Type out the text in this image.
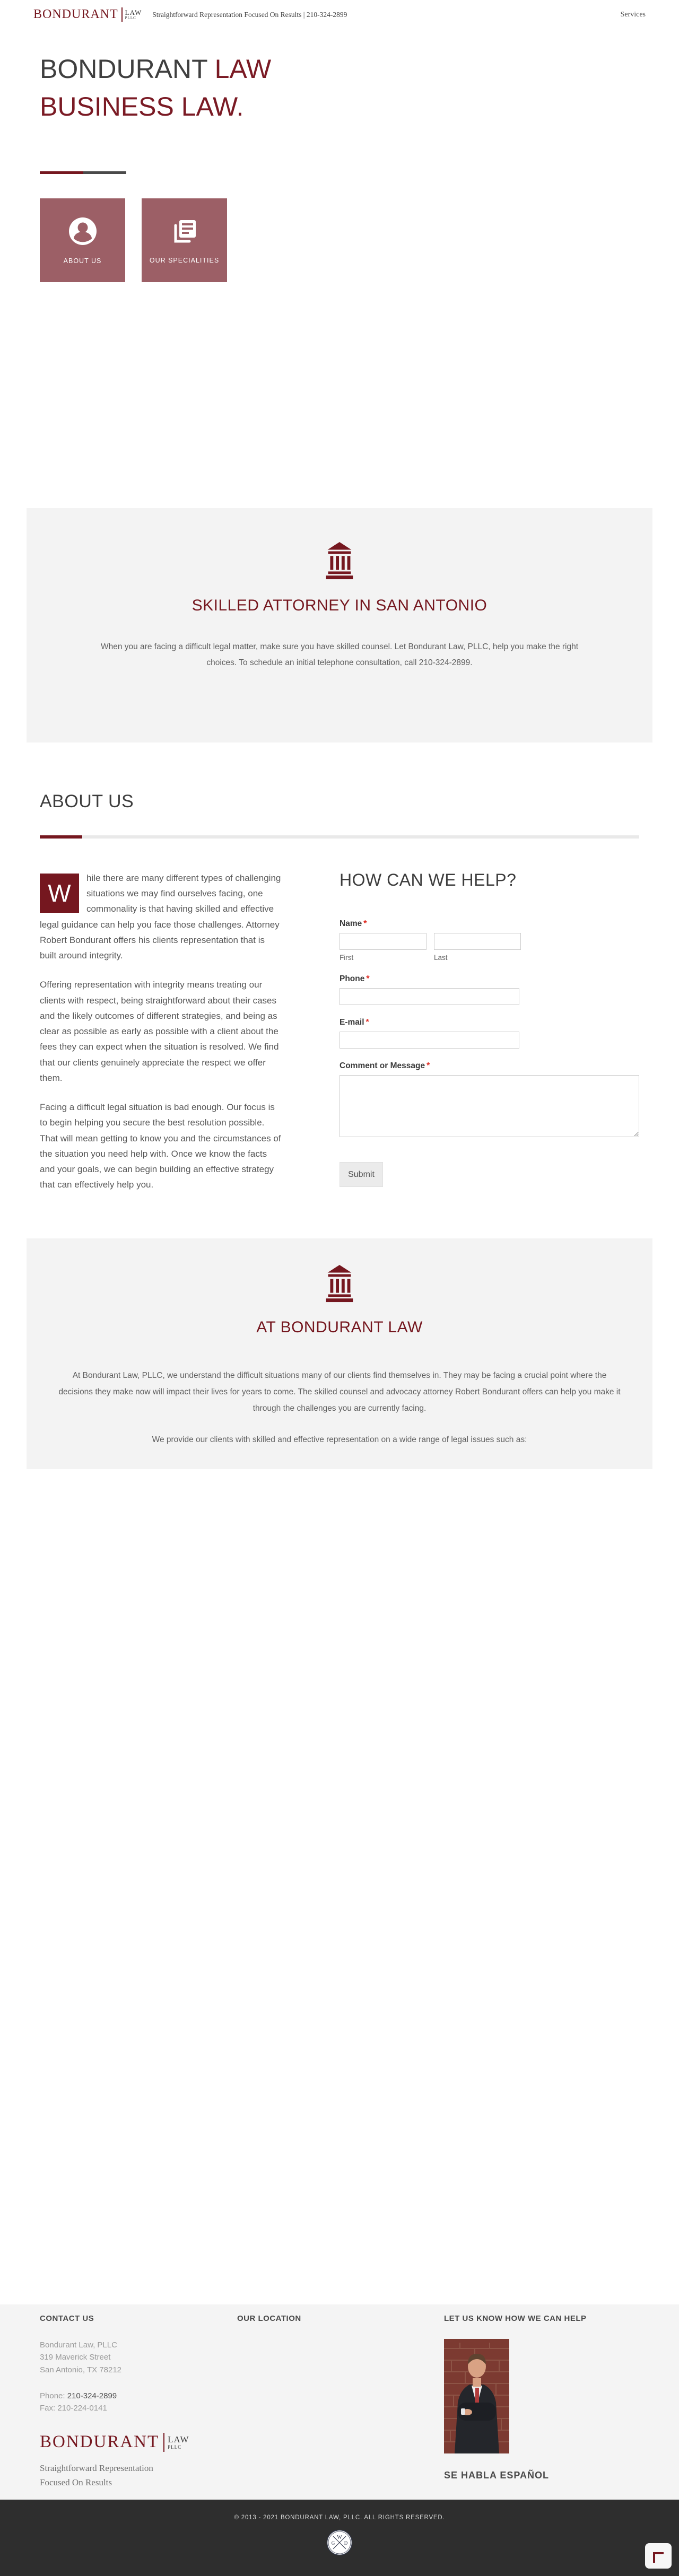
BONDURANT LAW
PLLC	Straightforward Representation Focused On Results | 210-324-2899	Services
BONDURANT LAW
BUSINESS LAW.
ABOUT US	OUR SPECIALITIES
SKILLED ATTORNEY IN SAN ANTONIO

When you are facing a difficult legal matter, make sure you have skilled counsel. Let Bondurant Law, PLLC, help you make the right choices. To schedule an initial telephone consultation, call 210-324-2899.

ABOUT US

W
hile there are many different types of challenging situations we may find ourselves facing, one commonality is that having skilled and effective legal guidance can help you face those challenges. Attorney Robert Bondurant offers his clients representation that is built around integrity.

Offering representation with integrity means treating our clients with respect, being straightforward about their cases and the likely outcomes of different strategies, and being as clear as possible as early as possible with a client about the fees they can expect when the situation is resolved. We find that our clients genuinely appreciate the respect we offer them.

Facing a difficult legal situation is bad enough. Our focus is to begin helping you secure the best resolution possible. That will mean getting to know you and the circumstances of the situation you need help with. Once we know the facts and your goals, we can begin building an effective strategy that can effectively help you.

HOW CAN WE HELP?
Name *
First	Last
Phone *
E-mail *
Comment or Message *
Submit
AT BONDURANT LAW

At Bondurant Law, PLLC, we understand the difficult situations many of our clients find themselves in. They may be facing a crucial point where the decisions they make now will impact their lives for years to come. The skilled counsel and advocacy attorney Robert Bondurant offers can help you make it through the challenges you are currently facing.

We provide our clients with skilled and effective representation on a wide range of legal issues such as:

CONTACT US

Bondurant Law, PLLC

319 Maverick Street

San Antonio, TX 78212

Phone: 210-324-2899

Fax: 210-224-0141

BONDURANT LAW
PLLC

Straightforward Representation
Focused On Results

OUR LOCATION	LET US KNOW HOW WE CAN HELP

SE HABLA ESPAÑOL

© 2013 - 2021 BONDURANT LAW, PLLC. ALL RIGHTS RESERVED.
W
G D
